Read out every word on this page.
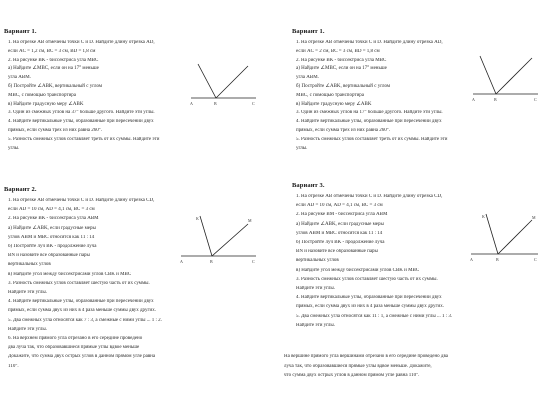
Вариант 1.
1. На отрезке AB отмечены точки C и D. Найдите длину отрезка AD,
если AC = 1,2 см, BC = 3 см, BD = 1,8 см
2. На рисунке BK - биссектриса угла MBC
а) Найдите ∠MBC, если он на 17° меньше
угла ABM.
б) Постройте ∠ABK, вертикальный с углом
MBC, с помощью транспортира
в) Найдите градусную меру ∠ABK
3. Один из смежных углов на 37° больше другого. Найдите эти углы.
4. Найдите вертикальные углы, образованные при пересечении двух
прямых, если сумма трёх из них равна 260°.
5. Разность смежных углов составляет треть от их суммы. Найдите эти
углы.
A	B	C
Вариант 2.
1. На отрезке AB отмечены точки C и D. Найдите длину отрезка CD,
если AD = 10 см, AD = 4,1 см, BC = 3 см
2. На рисунке BK - биссектриса угла ABM
а) Найдите ∠ABK, если градусные меры
углов ABM и MBC относятся как 11 : 14
б) Постройте луч BK - продолжение луча
BN и назовите все образованные пары
вертикальных углов
в) Найдите угол между биссектрисами углов CBK и MBC
3. Разность смежных углов составляет шестую часть от их суммы.
Найдите эти углы.
4. Найдите вертикальные углы, образованные при пересечении двух
прямых, если сумма двух из них в 4 раза меньше суммы двух других.
5. Два смежных угла относятся как 7 : 3, а смежные с ними углы ... 1 : 2.
Найдите эти углы.
6. На верхнем прямого угла отрезано в его середине проведено
два луча так, что образовавшиеся прямые углы вдвое меньше
Докажите, что сумма двух острых углов в данном прямом угле равна
110°.
K	M
A	B	C
Вариант 1.
1. На отрезке AB отмечены точки C и D. Найдите длину отрезка AD,
если AC = 2 см, BC = 3 см, BD = 1,8 см
2. На рисунке BK - биссектриса угла MBC
а) Найдите ∠MBC, если он на 17° меньше
угла ABM.
б) Постройте ∠ABK, вертикальный с углом
MBC, с помощью транспортира
в) Найдите градусную меру ∠ABK
3. Один из смежных углов на 17° больше другого. Найдите эти углы.
4. Найдите вертикальные углы, образованные при пересечении двух
прямых, если сумма трёх из них равна 260°.
5. Разность смежных углов составляет треть от их суммы. Найдите эти
углы.
A	B	C
Вариант 3.
1. На отрезке AB отмечены точки C и D. Найдите длину отрезка CD,
если AD = 10 см, AD = 4,1 см, BC = 3 см
2. На рисунке BM - биссектриса угла ABM
а) Найдите ∠ABK, если градусные меры
углов ABM и MBC относятся как 11 : 14
б) Постройте луч BK - продолжение луча
BN и назовите все образованные пары
вертикальных углов
в) Найдите угол между биссектрисами углов CBK и MBC
3. Разность смежных углов составляет шестую часть от их суммы.
Найдите эти углы.
4. Найдите вертикальные углы, образованные при пересечении двух
прямых, если сумма двух из них в 4 раза меньше суммы двух других.
5. Два смежных угла относятся как 11 : 1, а смежные с ними углы ... 1 : 3.
Найдите эти углы.
K	M
A	B	C
На вершине прямого угла вершинами отрезано в его середине проведено два
луча так, что образовавшиеся прямые углы вдвое меньше. Докажите,
что сумма двух острых углов в данном прямом угле равна 110°.
